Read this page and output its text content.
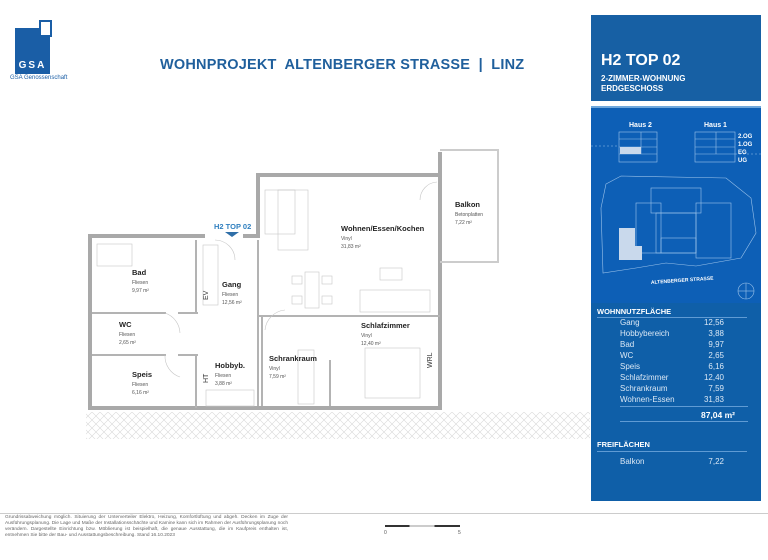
GSA
GSA Genossenschaft
WOHNPROJEKT  ALTENBERGER STRASSE  |  LINZ	H2 TOP 02
2-ZIMMER-WOHNUNG
ERDGESCHOSS
Haus 2	Haus 1
2.OG
1.OG
EG
UG
ALTENBERGER STRASSE
WOHNNUTZFLÄCHE
Gang	12,56
Hobbybereich	3,88
Bad	9,97
WC	2,65
Speis	6,16
Schlafzimmer	12,40
Schrankraum	7,59
Wohnen-Essen	31,83
87,04 m²
FREIFLÄCHEN
Balkon	7,22
H2 TOP 02
Bad
Fliesen
9,97 m²
Gang
Fliesen
12,56 m²
WC
Fliesen
2,65 m²
Speis
Fliesen
6,16 m²
Hobbyb.
Fliesen
3,88 m²
Wohnen/Essen/Kochen
Vinyl
31,83 m²
Schlafzimmer
Vinyl
12,40 m²
Schrankraum
Vinyl
7,59 m²
Balkon
Betonplatten
7,22 m²
EV
HT
WRL
Grundrissabweichung möglich. Situierung der Unterverteiler Elektro, Heizung, Komfortlüftung und abgeh. Decken im Zuge der Ausführungsplanung. Die Lage und Maße der Installationsschächte und Kamine kann sich im Rahmen der Ausführungsplanung noch verändern. Dargestellte Einrichtung bzw. Möblierung ist beispielhaft, die genaue Ausstattung, die im Kaufpreis enthalten ist, entnehmen Sie bitte der Bau- und Ausstattungsbeschreibung. Stand 16.10.2023	0	5
